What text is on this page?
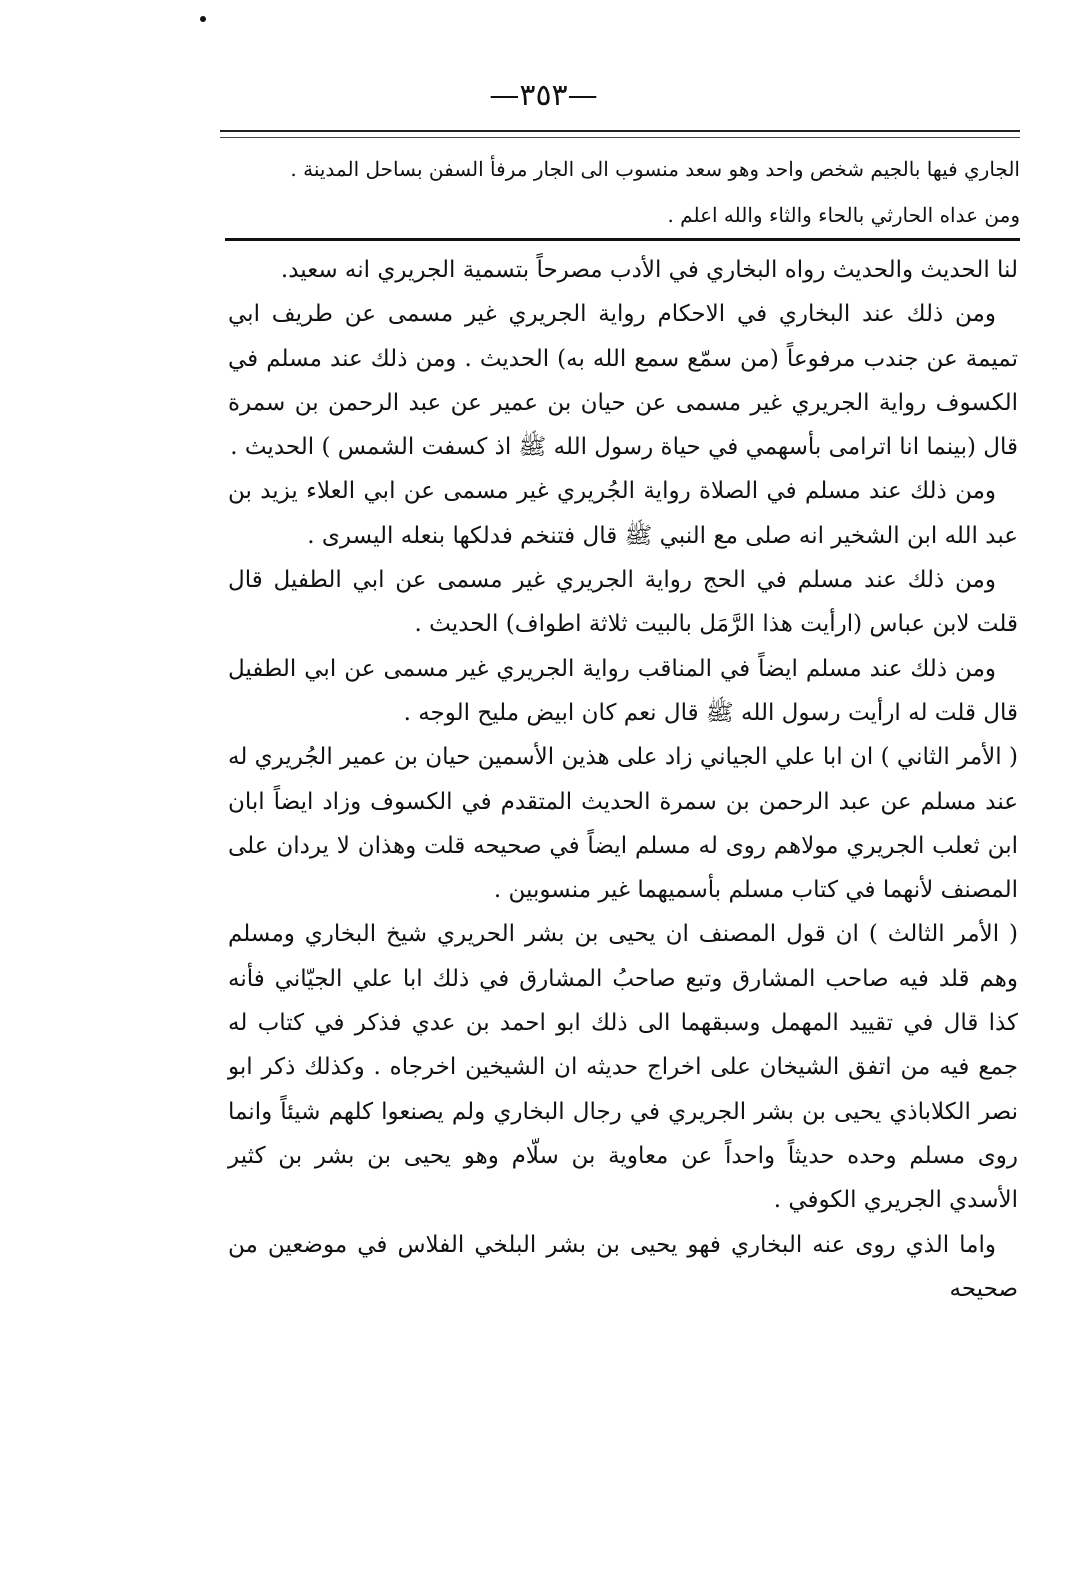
—٣٥٣—

الجاري فيها بالجيم شخص واحد وهو سعد منسوب الى الجار مرفأ السفن بساحل المدينة .

ومن عداه الحارثي بالحاء والثاء والله اعلم .

لنا الحديث والحديث رواه البخاري في الأدب مصرحاً بتسمية الجريري انه سعيد.

ومن ذلك عند البخاري في الاحكام رواية الجريري غير مسمى عن طريف ابي تميمة عن جندب مرفوعاً (من سمّع سمع الله به) الحديث . ومن ذلك عند مسلم في الكسوف رواية الجريري غير مسمى عن حيان بن عمير عن عبد الرحمن بن سمرة قال (بينما انا اترامى بأسهمي في حياة رسول الله ﷺ اذ كسفت الشمس ) الحديث .

ومن ذلك عند مسلم في الصلاة رواية الجُريري غير مسمى عن ابي العلاء يزيد بن عبد الله ابن الشخير انه صلى مع النبي ﷺ قال فتنخم فدلكها بنعله اليسرى .

ومن ذلك عند مسلم في الحج رواية الجريري غير مسمى عن ابي الطفيل قال قلت لابن عباس (ارأيت هذا الرَّمَل بالبيت ثلاثة اطواف) الحديث .

ومن ذلك عند مسلم ايضاً في المناقب رواية الجريري غير مسمى عن ابي الطفيل قال قلت له ارأيت رسول الله ﷺ قال نعم كان ابيض مليح الوجه .

( الأمر الثاني ) ان ابا علي الجياني زاد على هذين الأسمين حيان بن عمير الجُريري له عند مسلم عن عبد الرحمن بن سمرة الحديث المتقدم في الكسوف وزاد ايضاً ابان ابن ثعلب الجريري مولاهم روى له مسلم ايضاً في صحيحه قلت وهذان لا يردان على المصنف لأنهما في كتاب مسلم بأسميهما غير منسوبين .

( الأمر الثالث ) ان قول المصنف ان يحيى بن بشر الحريري شيخ البخاري ومسلم وهم قلد فيه صاحب المشارق وتبع صاحبُ المشارق في ذلك ابا علي الجيّاني فأنه كذا قال في تقييد المهمل وسبقهما الى ذلك ابو احمد بن عدي فذكر في كتاب له جمع فيه من اتفق الشيخان على اخراج حديثه ان الشيخين اخرجاه . وكذلك ذكر ابو نصر الكلاباذي يحيى بن بشر الجريري في رجال البخاري ولم يصنعوا كلهم شيئاً وانما روى مسلم وحده حديثاً واحداً عن معاوية بن سلّام وهو يحيى بن بشر بن كثير الأسدي الجريري الكوفي .

واما الذي روى عنه البخاري فهو يحيى بن بشر البلخي الفلاس في موضعين من صحيحه
